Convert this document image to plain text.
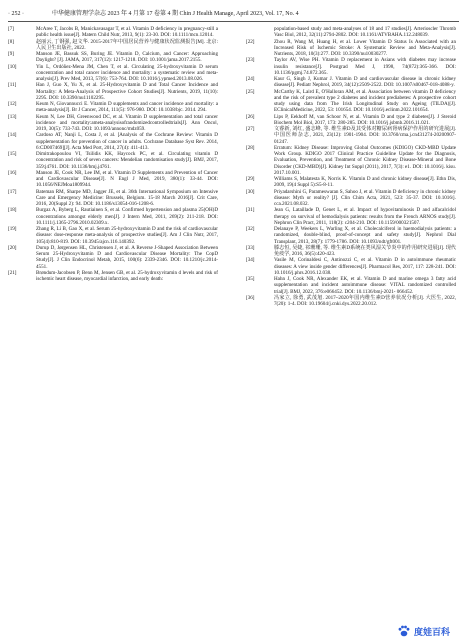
· 252 ·	中华健康管理学杂志 2023 年 4 月第 17 卷第 4 期 Chin J Health Manage, April 2023, Vol. 17, No. 4

[7]	McAree T, Jacobs B, Manickavasagar T, et al. Vitamin D deficiency in pregnancy-still a public health issue[J]. Matern Child Nutr, 2013, 9(1): 23-30. DOI: 10.1111/mcn.12014.

[8]	赵丽云, 丁钢强, 赵文华. 2015-2017年中国居民营养与健康状况监测报告[M]. 北京: 人民卫生出版社, 2022.

[9]	Manson JE, Bassuk SS, Buring JE. Vitamin D, Calcium, and Cancer: Approaching Daylight? [J]. JAMA, 2017, 317(12): 1217-1218. DOI: 10.1001/jama.2017.2155.

[10]	Yin L, Ordóñez-Mena JM, Chen T, et al. Circulating 25-hydroxyvitamin D serum concentration and total cancer incidence and mortality: a systematic review and meta-analysis[J]. Prev Med, 2013, 57(6): 753-764. DOI: 10.1016/j.ypmed.2013.08.026.

[11]	Han J, Guo X, Yu X, et al. 25-Hydroxyvitamin D and Total Cancer Incidence and Mortality: A Meta-Analysis of Prospective Cohort Studies[J]. Nutrients, 2019, 11(10): 2295. DOI: 10.3390/nu11102295.

[12]	Keum N, Giovannucci E. Vitamin D supplements and cancer incidence and mortality: a meta-analysis[J]. Br J Cancer, 2014, 111(5): 976-980. DOI: 10.1038/bjc. 2014. 294.

[13]	Keum N, Lee DH, Greenwood DC, et al. Vitamin D supplementation and total cancer incidence and mortality:ameta-analysisofrandomizedcontrolledtrials[J]. Ann Oncol, 2019, 30(5): 733-743. DOI: 10.1093/annonc/mdz059.

[14]	Cardoso AT, Nanji L, Costa J, et al. [Analysis of the Cochrane Review: Vitamin D supplementation for prevention of cancer in adults. Cochrane Database Syst Rev. 2014, 6:CD007469][J]. Acta Med Port, 2014, 27(4): 411-413.

[15]	Dimitrakopoulou VI, Tsilidis KK, Haycock PC, et al. Circulating vitamin D concentration and risk of seven cancers: Mendelian randomisation study[J]. BMJ, 2017, 359:j4761. DOI: 10.1136/bmj.j4761.

[16]	Manson JE, Cook NR, Lee IM, et al. Vitamin D Supplements and Prevention of Cancer and Cardiovascular Disease[J]. N Engl J Med, 2019, 380(1): 33-44. DOI: 10.1056/NEJMoa1809944.

[17]	Bateman RM, Sharpe MD, Jagger JE, et al. 36th International Symposium on Intensive Care and Emergency Medicine: Brussels, Belgium. 15-18 March 2016[J]. Crit Care, 2016, 20(Suppl 2): 94. DOI: 10.1186/s13054-016-1208-6.

[18]	Burgaz A, Byberg L, Rautiainen S, et al. Confirmed hypertension and plasma 25(OH)D concentrations amongst elderly men[J]. J Intern Med, 2011, 269(2): 211-218. DOI: 10.1111/j.1365-2796.2010.02309.x.

[19]	Zhang R, Li B, Gao X, et al. Serum 25-hydroxyvitamin D and the risk of cardiovascular disease: dose-response meta-analysis of prospective studies[J]. Am J Clin Nutr, 2017, 105(4):810-819. DOI: 10.3945/ajcn.116.140392.

[20]	Durup D, Jørgensen HL, Christensen J, et al. A Reverse J-Shaped Association Between Serum 25-Hydroxyvitamin D and Cardiovascular Disease Mortality: The CopD Study[J]. J Clin Endocrinol Metab, 2015, 100(6): 2339-2346. DOI: 10.1210/jc.2014-4551.

[21]	Brøndum-Jacobsen P, Benn M, Jensen GB, et al. 25-hydroxyvitamin d levels and risk of ischemic heart disease, myocardial infarction, and early death:

population-based study and meta-analyses of 18 and 17 studies[J]. Arterioscler Thromb Vasc Biol, 2012, 32(11):2794-2802. DOI: 10.1161/ATVBAHA.112.248039.

[22]	Zhou R, Wang M, Huang H, et al. Lower Vitamin D Status Is Associated with an Increased Risk of Ischemic Stroke: A Systematic Review and Meta-Analysis[J]. Nutrients, 2018, 10(3):277. DOI: 10.3390/nu10030277.

[23]	Taylor AV, Wise PH. Vitamin D replacement in Asians with diabetes may increase insulin resistance[J]. Postgrad Med J, 1998, 74(872):365-366. DOI: 10.1136/pgmj.74.872.365.

[24]	Kaur G, Singh J, Kumar J. Vitamin D and cardiovascular disease in chronic kidney disease[J]. Pediatr Nephrol, 2019, 34(12):2509-2522. DOI: 10.1007/s00467-018-4088-y.

[25]	McCarthy K, Laird E, O'Halloran AM, et al. Association between vitamin D deficiency and the risk of prevalent type 2 diabetes and incident prediabetes: A prospective cohort study using data from The Irish Longitudinal Study on Ageing (TILDA)[J]. EClinicalMedicine, 2022, 53: 101654. DOI: 10.1016/j.eclinm.2022.101654.

[26]	Lips P, Eekhoff M, van Schoor N, et al. Vitamin D and type 2 diabetes[J]. J Steroid Biochem Mol Biol, 2017, 173: 280-285. DOI: 10.1016/j.jsbmb.2016.11.021.

[27]	文睿新, 刘红, 盛志峰, 等. 维生素D及其受体对糖尿病肾病保护作用的研究进展[J]. 中国医师杂志, 2021, 23(12): 1901-1904. DOI: 10.3760/cma.j.cn431274-20200907-01247.

[28]	Erratum: Kidney Disease: Improving Global Outcomes (KDIGO) CKD-MBD Update Work Group. KDIGO 2017 Clinical Practice Guideline Update for the Diagnosis, Evaluation, Prevention, and Treatment of Chronic Kidney Disease-Mineral and Bone Disorder (CKD-MBD)[J]. Kidney Int Suppl (2011), 2017, 7(3): e1. DOI: 10.1016/j. kisu. 2017.10.001.

[29]	Williams S, Malatesta K, Norris K. Vitamin D and chronic kidney disease[J]. Ethn Dis, 2009, 19(4 Suppl 5):S5-8-11.

[30]	Priyadarshini G, Parameswaran S, Sahoo J, et al. Vitamin D deficiency in chronic kidney disease: Myth or reality? [J]. Clin Chim Acta, 2021, 523: 35-37. DOI: 10.1016/j. cca.2021.08.032.

[31]	Jean G, Lataillade D, Genet L, et al. Impact of hypovitaminosis D and alfacalcidol therapy on survival of hemodialysis patients: results from the French ARNOS study[J]. Nephron Clin Pract, 2011, 118(2): c204-210. DOI: 10.1159/000321507.

[32]	Delanaye P, Weekers L, Warling X, et al. Cholecalciferol in haemodialysis patients: a randomized, double-blind, proof-of-concept and safety study[J]. Nephrol Dial Transplant, 2013, 28(7): 1779-1786. DOI: 10.1093/ndt/gft001.

[33]	滕志恒, 吴婕, 祁珊珊, 等. 维生素D系统在类风湿关节炎中的作用研究进展[J]. 现代免疫学, 2016, 36(5):420-423.

[34]	Vasile M, Corinaldesi C, Antinozzi C, et al. Vitamin D in autoimmune rheumatic diseases: A view inside gender differences[J]. Pharmacol Res, 2017, 117: 228-241. DOI: 10.1016/j.phrs.2016.12.038.

[35]	Hahn J, Cook NR, Alexander EK, et al. Vitamin D and marine omega 3 fatty acid supplementation and incident autoimmune disease: VITAL randomized controlled trial[J]. BMJ, 2022, 376:e066452. DOI: 10.1136/bmj-2021- 066452.

[36]	冯家立, 徐勇, 武茂旭. 2017~2020年国内维生素D营养状况分析[J]. 大医生, 2022, 7(20): 1-4. DOI: 10.19604/j.cnki.dys.2022.20.012.

度娃百科
